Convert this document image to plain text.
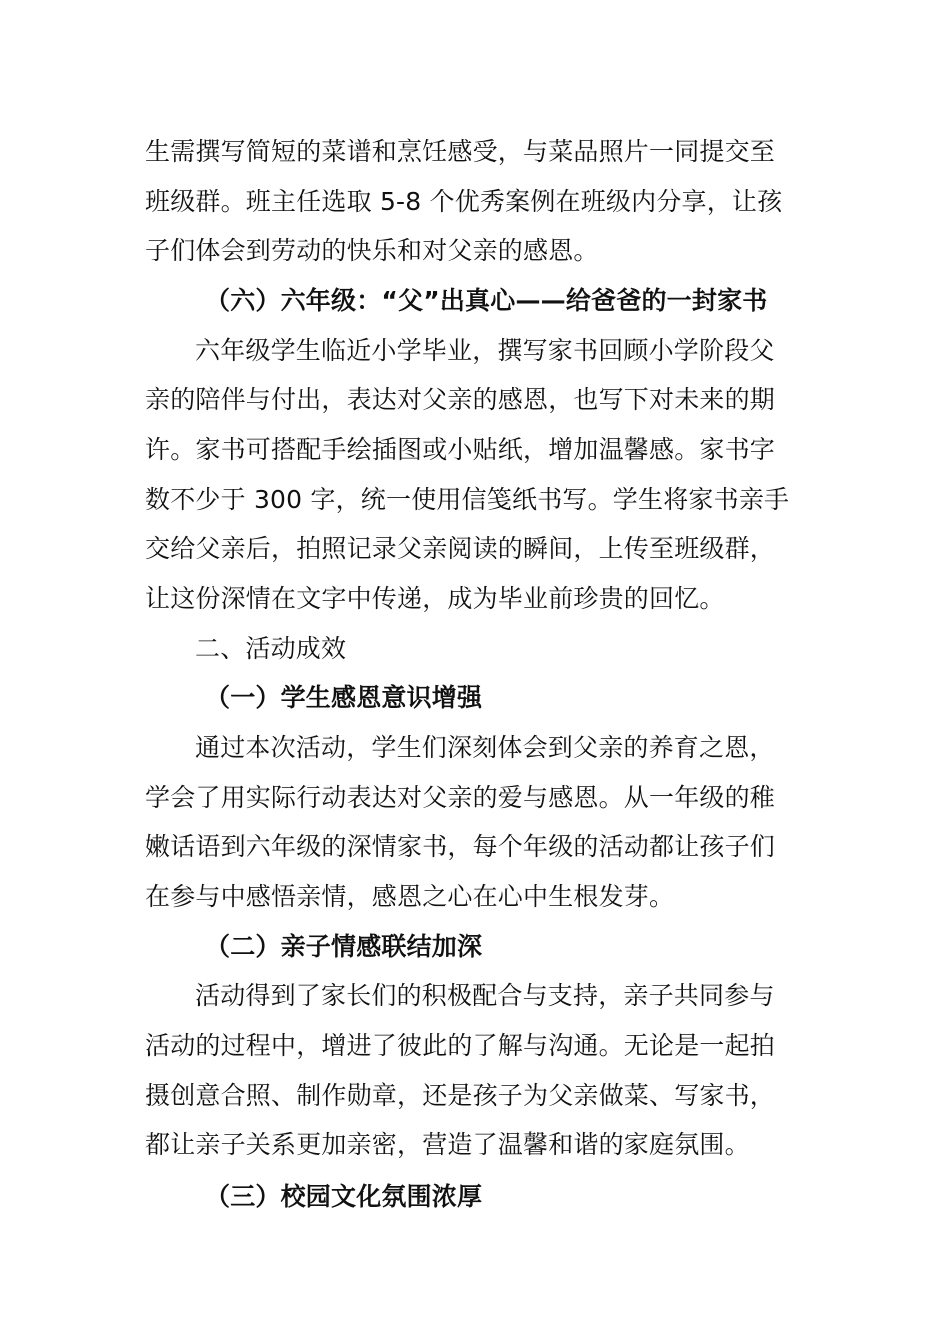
生需撰写简短的菜谱和烹饪感受，与菜品照片一同提交至
班级群。班主任选取 5-8 个优秀案例在班级内分享，让孩
子们体会到劳动的快乐和对父亲的感恩。
（六）六年级：“父”出真心——给爸爸的一封家书
六年级学生临近小学毕业，撰写家书回顾小学阶段父
亲的陪伴与付出，表达对父亲的感恩，也写下对未来的期
许。家书可搭配手绘插图或小贴纸，增加温馨感。家书字
数不少于 300 字，统一使用信笺纸书写。学生将家书亲手
交给父亲后，拍照记录父亲阅读的瞬间，上传至班级群，
让这份深情在文字中传递，成为毕业前珍贵的回忆。
二、活动成效
（一）学生感恩意识增强
通过本次活动，学生们深刻体会到父亲的养育之恩，
学会了用实际行动表达对父亲的爱与感恩。从一年级的稚
嫩话语到六年级的深情家书，每个年级的活动都让孩子们
在参与中感悟亲情，感恩之心在心中生根发芽。
（二）亲子情感联结加深
活动得到了家长们的积极配合与支持，亲子共同参与
活动的过程中，增进了彼此的了解与沟通。无论是一起拍
摄创意合照、制作勋章，还是孩子为父亲做菜、写家书，
都让亲子关系更加亲密，营造了温馨和谐的家庭氛围。
（三）校园文化氛围浓厚
